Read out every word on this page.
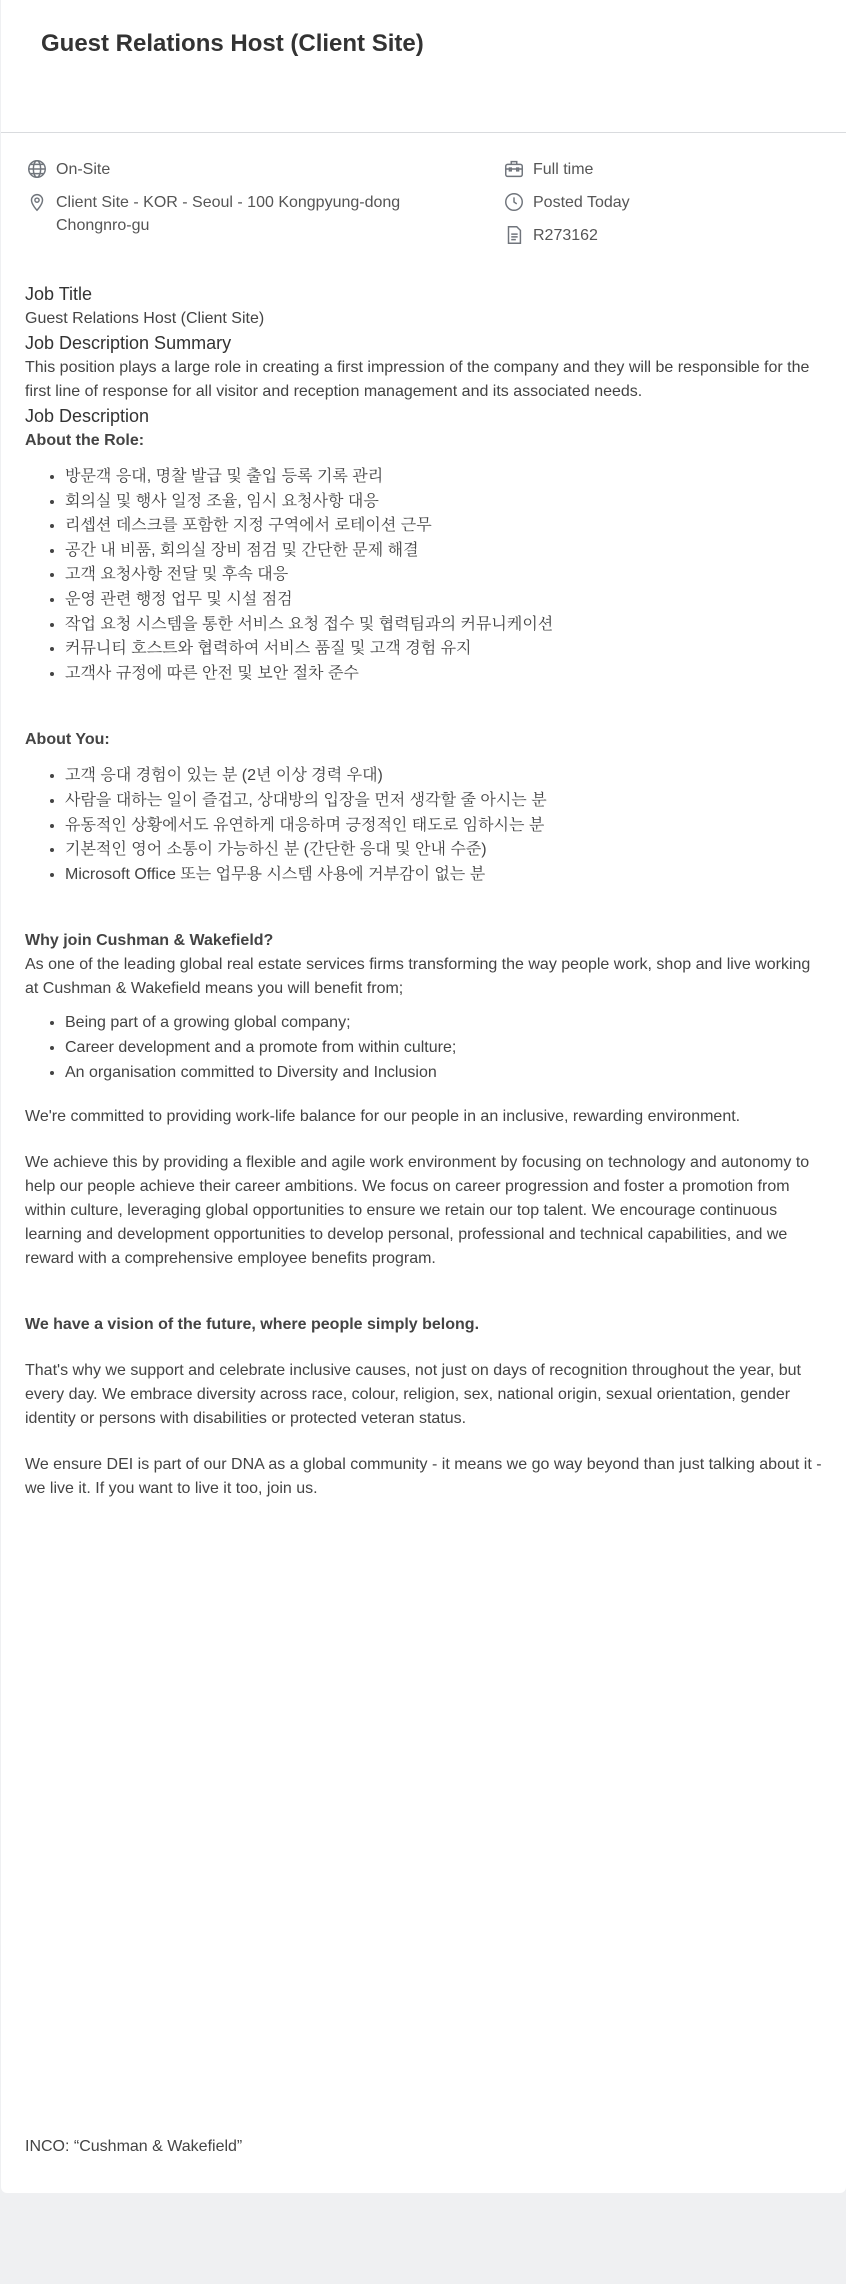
Guest Relations Host (Client Site)
On-Site
Client Site - KOR - Seoul - 100 Kongpyung-dong Chongnro-gu
Full time
Posted Today
R273162
Job Title

Guest Relations Host (Client Site)

Job Description Summary

This position plays a large role in creating a first impression of the company and they will be responsible for the first line of response for all visitor and reception management and its associated needs.

Job Description

About the Role:

• 방문객 응대, 명찰 발급 및 출입 등록 기록 관리
• 회의실 및 행사 일정 조율, 임시 요청사항 대응
• 리셉션 데스크를 포함한 지정 구역에서 로테이션 근무
• 공간 내 비품, 회의실 장비 점검 및 간단한 문제 해결
• 고객 요청사항 전달 및 후속 대응
• 운영 관련 행정 업무 및 시설 점검
• 작업 요청 시스템을 통한 서비스 요청 접수 및 협력팀과의 커뮤니케이션
• 커뮤니티 호스트와 협력하여 서비스 품질 및 고객 경험 유지
• 고객사 규정에 따른 안전 및 보안 절차 준수

About You:

• 고객 응대 경험이 있는 분 (2년 이상 경력 우대)
• 사람을 대하는 일이 즐겁고, 상대방의 입장을 먼저 생각할 줄 아시는 분
• 유동적인 상황에서도 유연하게 대응하며 긍정적인 태도로 임하시는 분
• 기본적인 영어 소통이 가능하신 분 (간단한 응대 및 안내 수준)
• Microsoft Office 또는 업무용 시스템 사용에 거부감이 없는 분

Why join Cushman & Wakefield?

As one of the leading global real estate services firms transforming the way people work, shop and live working at Cushman & Wakefield means you will benefit from;

• Being part of a growing global company;
• Career development and a promote from within culture;
• An organisation committed to Diversity and Inclusion

We're committed to providing work-life balance for our people in an inclusive, rewarding environment.

We achieve this by providing a flexible and agile work environment by focusing on technology and autonomy to help our people achieve their career ambitions. We focus on career progression and foster a promotion from within culture, leveraging global opportunities to ensure we retain our top talent. We encourage continuous learning and development opportunities to develop personal, professional and technical capabilities, and we reward with a comprehensive employee benefits program.

We have a vision of the future, where people simply belong.

That's why we support and celebrate inclusive causes, not just on days of recognition throughout the year, but every day. We embrace diversity across race, colour, religion, sex, national origin, sexual orientation, gender identity or persons with disabilities or protected veteran status.

We ensure DEI is part of our DNA as a global community - it means we go way beyond than just talking about it - we live it. If you want to live it too, join us.

INCO: “Cushman & Wakefield”
